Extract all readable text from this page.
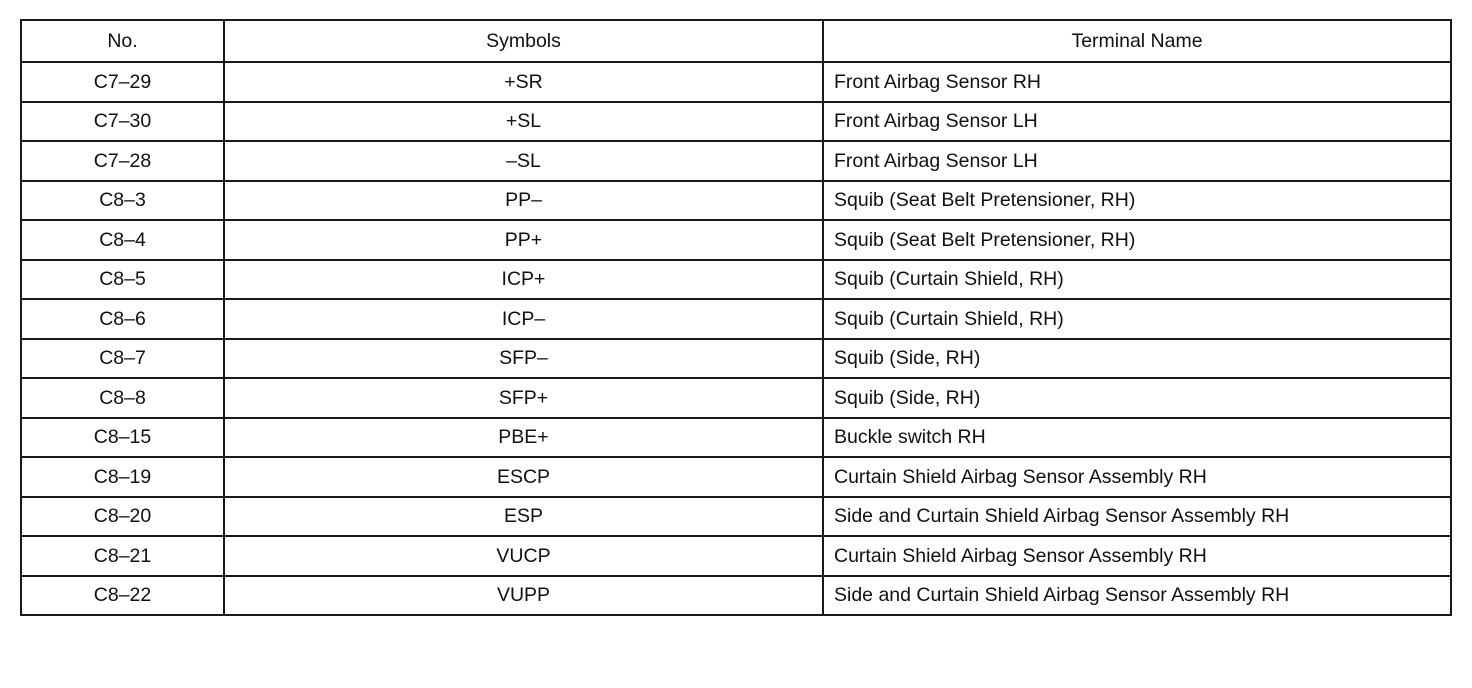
No.	Symbols	Terminal Name
C7–29	+SR	Front Airbag Sensor RH
C7–30	+SL	Front Airbag Sensor LH
C7–28	–SL	Front Airbag Sensor LH
C8–3	PP–	Squib (Seat Belt Pretensioner, RH)
C8–4	PP+	Squib (Seat Belt Pretensioner, RH)
C8–5	ICP+	Squib (Curtain Shield, RH)
C8–6	ICP–	Squib (Curtain Shield, RH)
C8–7	SFP–	Squib (Side, RH)
C8–8	SFP+	Squib (Side, RH)
C8–15	PBE+	Buckle switch RH
C8–19	ESCP	Curtain Shield Airbag Sensor Assembly RH
C8–20	ESP	Side and Curtain Shield Airbag Sensor Assembly RH
C8–21	VUCP	Curtain Shield Airbag Sensor Assembly RH
C8–22	VUPP	Side and Curtain Shield Airbag Sensor Assembly RH
